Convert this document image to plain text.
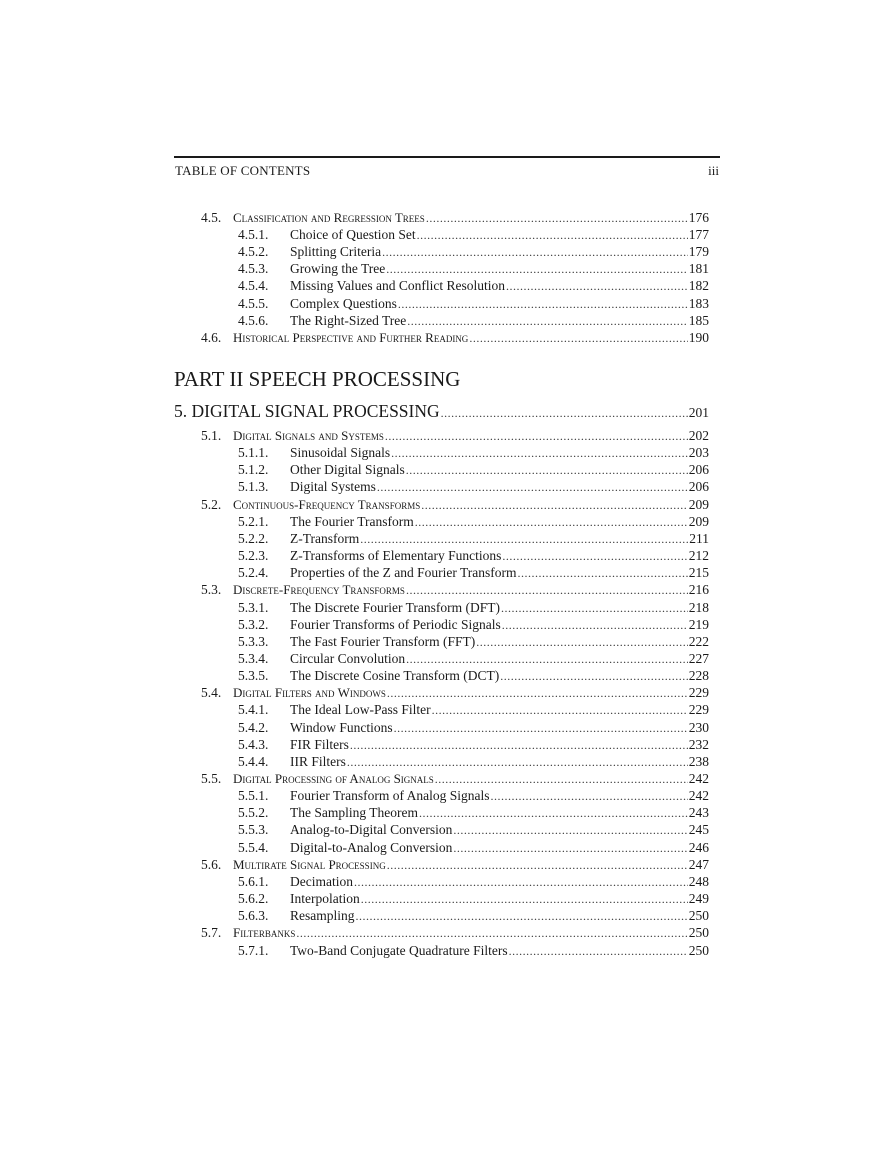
TABLE OF CONTENTS	iii
4.5. Classification and Regression Trees .....	176
4.5.1.	Choice of Question Set .....	177
4.5.2.	Splitting Criteria .....	179
4.5.3.	Growing the Tree .....	181
4.5.4.	Missing Values and Conflict Resolution .....	182
4.5.5.	Complex Questions .....	183
4.5.6.	The Right-Sized Tree .....	185
4.6. Historical Perspective and Further Reading .....	190
PART II SPEECH PROCESSING
5. DIGITAL SIGNAL PROCESSING .....	201
5.1. Digital Signals and Systems .....	202
5.1.1.	Sinusoidal Signals .....	203
5.1.2.	Other Digital Signals .....	206
5.1.3.	Digital Systems .....	206
5.2. Continuous-Frequency Transforms .....	209
5.2.1.	The Fourier Transform .....	209
5.2.2.	Z-Transform .....	211
5.2.3.	Z-Transforms of Elementary Functions .....	212
5.2.4.	Properties of the Z and Fourier Transform .....	215
5.3. Discrete-Frequency Transforms .....	216
5.3.1.	The Discrete Fourier Transform (DFT) .....	218
5.3.2.	Fourier Transforms of Periodic Signals .....	219
5.3.3.	The Fast Fourier Transform (FFT) .....	222
5.3.4.	Circular Convolution .....	227
5.3.5.	The Discrete Cosine Transform (DCT) .....	228
5.4. Digital Filters and Windows .....	229
5.4.1.	The Ideal Low-Pass Filter .....	229
5.4.2.	Window Functions .....	230
5.4.3.	FIR Filters .....	232
5.4.4.	IIR Filters .....	238
5.5. Digital Processing of Analog Signals .....	242
5.5.1.	Fourier Transform of Analog Signals .....	242
5.5.2.	The Sampling Theorem .....	243
5.5.3.	Analog-to-Digital Conversion .....	245
5.5.4.	Digital-to-Analog Conversion .....	246
5.6. Multirate Signal Processing .....	247
5.6.1.	Decimation .....	248
5.6.2.	Interpolation .....	249
5.6.3.	Resampling .....	250
5.7. Filterbanks .....	250
5.7.1.	Two-Band Conjugate Quadrature Filters .....	250
